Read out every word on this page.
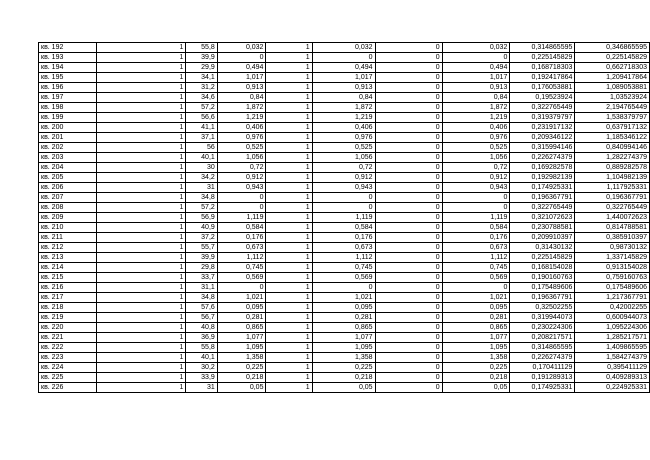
кв. 192	1	55,8	0,032	1	0,032	0	0,032	0,314865595	0,346865595
кв. 193	1	39,9	0	1	0	0	0	0,225145829	0,225145829
кв. 194	1	29,9	0,494	1	0,494	0	0,494	0,168718303	0,662718303
кв. 195	1	34,1	1,017	1	1,017	0	1,017	0,192417864	1,209417864
кв. 196	1	31,2	0,913	1	0,913	0	0,913	0,176053881	1,089053881
кв. 197	1	34,6	0,84	1	0,84	0	0,84	0,19523924	1,03523924
кв. 198	1	57,2	1,872	1	1,872	0	1,872	0,322765449	2,194765449
кв. 199	1	56,6	1,219	1	1,219	0	1,219	0,319379797	1,538379797
кв. 200	1	41,1	0,406	1	0,406	0	0,406	0,231917132	0,637917132
кв. 201	1	37,1	0,976	1	0,976	0	0,976	0,209346122	1,185346122
кв. 202	1	56	0,525	1	0,525	0	0,525	0,315994146	0,840994146
кв. 203	1	40,1	1,056	1	1,056	0	1,056	0,226274379	1,282274379
кв. 204	1	30	0,72	1	0,72	0	0,72	0,169282578	0,889282578
кв. 205	1	34,2	0,912	1	0,912	0	0,912	0,192982139	1,104982139
кв. 206	1	31	0,943	1	0,943	0	0,943	0,174925331	1,117925331
кв. 207	1	34,8	0	1	0	0	0	0,196367791	0,196367791
кв. 208	1	57,2	0	1	0	0	0	0,322765449	0,322765449
кв. 209	1	56,9	1,119	1	1,119	0	1,119	0,321072623	1,440072623
кв. 210	1	40,9	0,584	1	0,584	0	0,584	0,230788581	0,814788581
кв. 211	1	37,2	0,176	1	0,176	0	0,176	0,209910397	0,385910397
кв. 212	1	55,7	0,673	1	0,673	0	0,673	0,31430132	0,98730132
кв. 213	1	39,9	1,112	1	1,112	0	1,112	0,225145829	1,337145829
кв. 214	1	29,8	0,745	1	0,745	0	0,745	0,168154028	0,913154028
кв. 215	1	33,7	0,569	1	0,569	0	0,569	0,190160763	0,759160763
кв. 216	1	31,1	0	1	0	0	0	0,175489606	0,175489606
кв. 217	1	34,8	1,021	1	1,021	0	1,021	0,196367791	1,217367791
кв. 218	1	57,6	0,095	1	0,095	0	0,095	0,32502255	0,42002255
кв. 219	1	56,7	0,281	1	0,281	0	0,281	0,319944073	0,600944073
кв. 220	1	40,8	0,865	1	0,865	0	0,865	0,230224306	1,095224306
кв. 221	1	36,9	1,077	1	1,077	0	1,077	0,208217571	1,285217571
кв. 222	1	55,8	1,095	1	1,095	0	1,095	0,314865595	1,409865595
кв. 223	1	40,1	1,358	1	1,358	0	1,358	0,226274379	1,584274379
кв. 224	1	30,2	0,225	1	0,225	0	0,225	0,170411129	0,395411129
кв. 225	1	33,9	0,218	1	0,218	0	0,218	0,191289313	0,409289313
кв. 226	1	31	0,05	1	0,05	0	0,05	0,174925331	0,224925331
